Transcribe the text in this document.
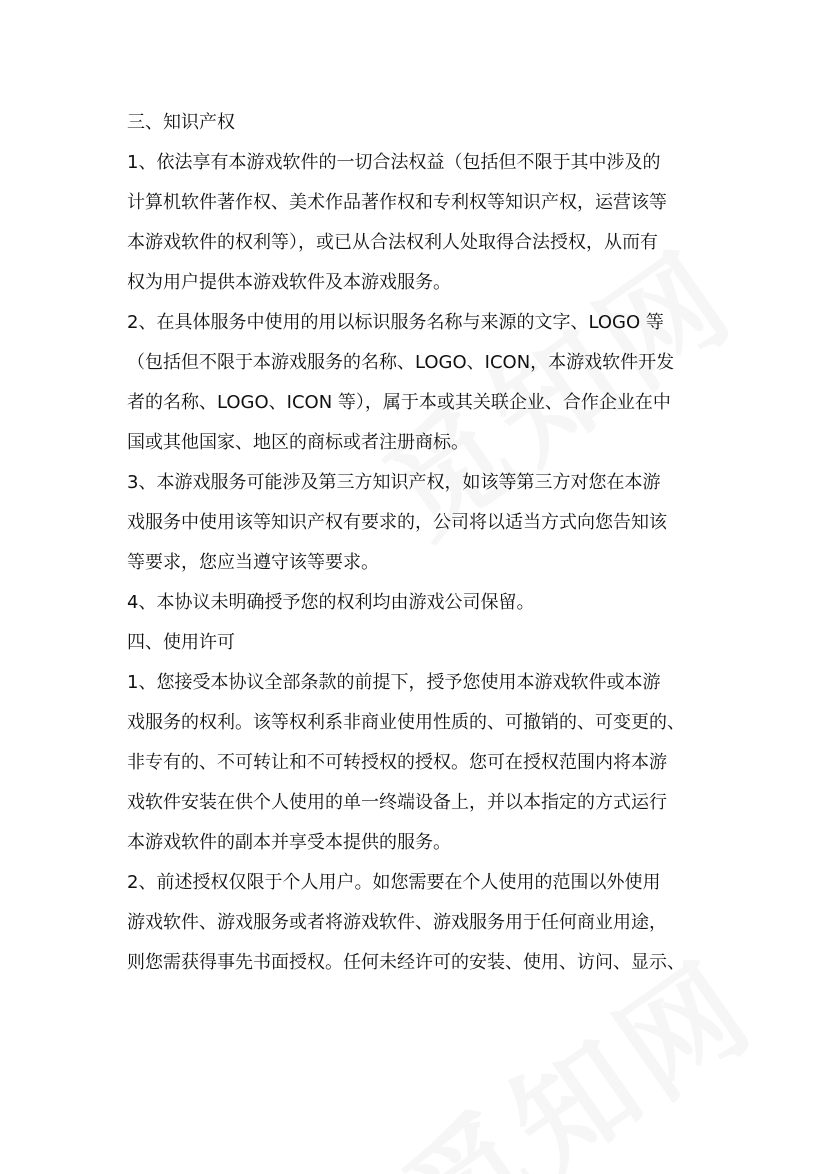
三、知识产权

1、依法享有本游戏软件的一切合法权益（包括但不限于其中涉及的

计算机软件著作权、美术作品著作权和专利权等知识产权，运营该等

本游戏软件的权利等），或已从合法权利人处取得合法授权，从而有

权为用户提供本游戏软件及本游戏服务。

2、在具体服务中使用的用以标识服务名称与来源的文字、LOGO 等

（包括但不限于本游戏服务的名称、LOGO、ICON，本游戏软件开发

者的名称、LOGO、ICON 等），属于本或其关联企业、合作企业在中

国或其他国家、地区的商标或者注册商标。

3、本游戏服务可能涉及第三方知识产权，如该等第三方对您在本游

戏服务中使用该等知识产权有要求的，公司将以适当方式向您告知该

等要求，您应当遵守该等要求。

4、本协议未明确授予您的权利均由游戏公司保留。

四、使用许可

1、您接受本协议全部条款的前提下，授予您使用本游戏软件或本游

戏服务的权利。该等权利系非商业使用性质的、可撤销的、可变更的、

非专有的、不可转让和不可转授权的授权。您可在授权范围内将本游

戏软件安装在供个人使用的单一终端设备上，并以本指定的方式运行

本游戏软件的副本并享受本提供的服务。

2、前述授权仅限于个人用户。如您需要在个人使用的范围以外使用

游戏软件、游戏服务或者将游戏软件、游戏服务用于任何商业用途，

则您需获得事先书面授权。任何未经许可的安装、使用、访问、显示、
